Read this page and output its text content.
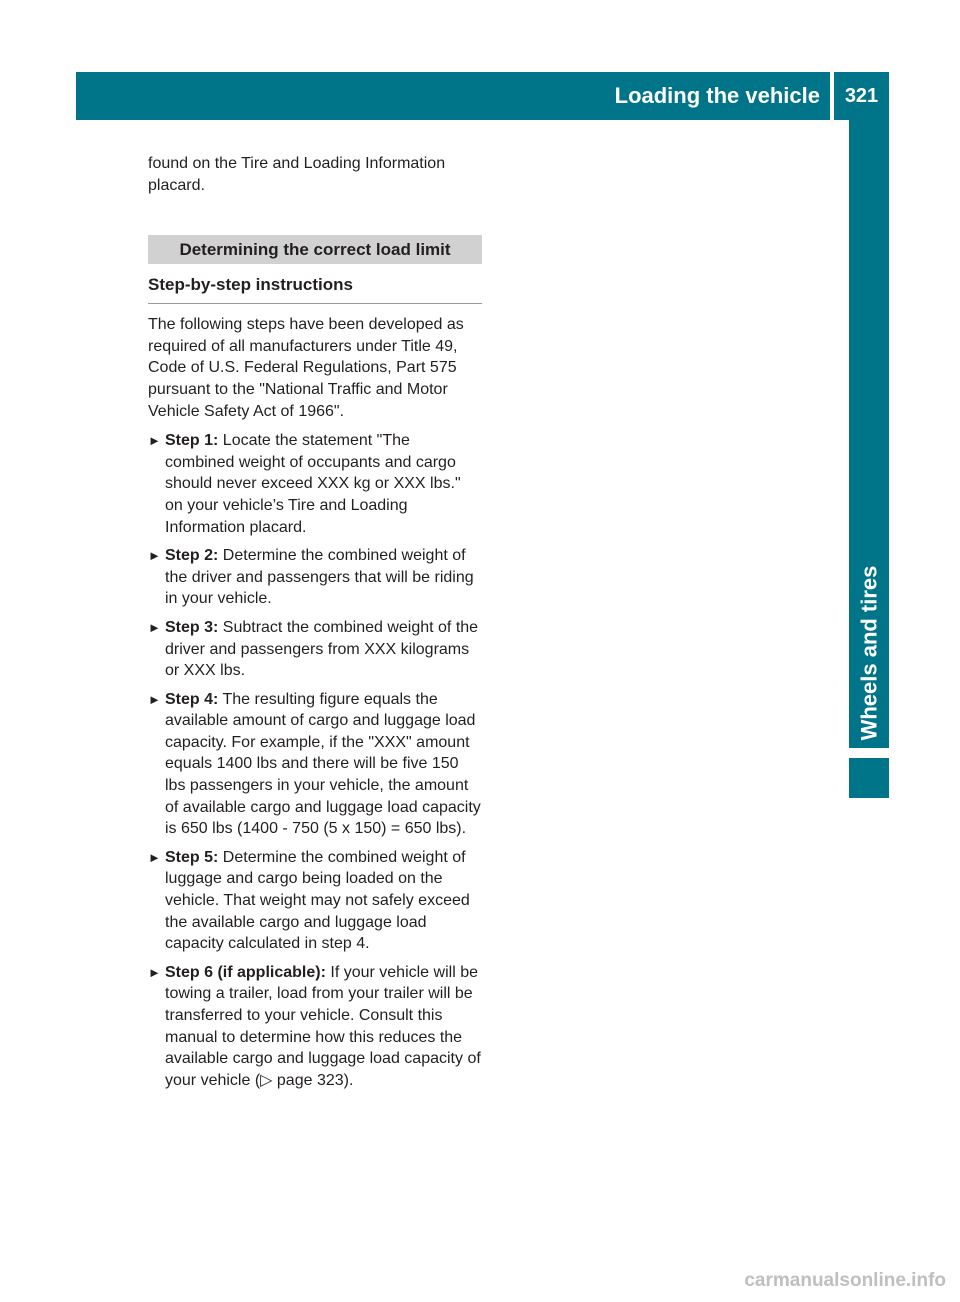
Loading the vehicle	321
Wheels and tires

found on the Tire and Loading Information placard.

Determining the correct load limit
Step-by-step instructions

The following steps have been developed as required of all manufacturers under Title 49, Code of U.S. Federal Regulations, Part 575 pursuant to the "National Traffic and Motor Vehicle Safety Act of 1966".

► Step 1: Locate the statement "The combined weight of occupants and cargo should never exceed XXX kg or XXX lbs." on your vehicle’s Tire and Loading Information placard.
► Step 2: Determine the combined weight of the driver and passengers that will be riding in your vehicle.
► Step 3: Subtract the combined weight of the driver and passengers from XXX kilograms or XXX lbs.
► Step 4: The resulting figure equals the available amount of cargo and luggage load capacity. For example, if the "XXX" amount equals 1400 lbs and there will be five 150 lbs passengers in your vehicle, the amount of available cargo and luggage load capacity is 650 lbs (1400 - 750 (5 x 150) = 650 lbs).
► Step 5: Determine the combined weight of luggage and cargo being loaded on the vehicle. That weight may not safely exceed the available cargo and luggage load capacity calculated in step 4.
► Step 6 (if applicable): If your vehicle will be towing a trailer, load from your trailer will be transferred to your vehicle. Consult this manual to determine how this reduces the available cargo and luggage load capacity of your vehicle (▷ page 323).
carmanualsonline.info
